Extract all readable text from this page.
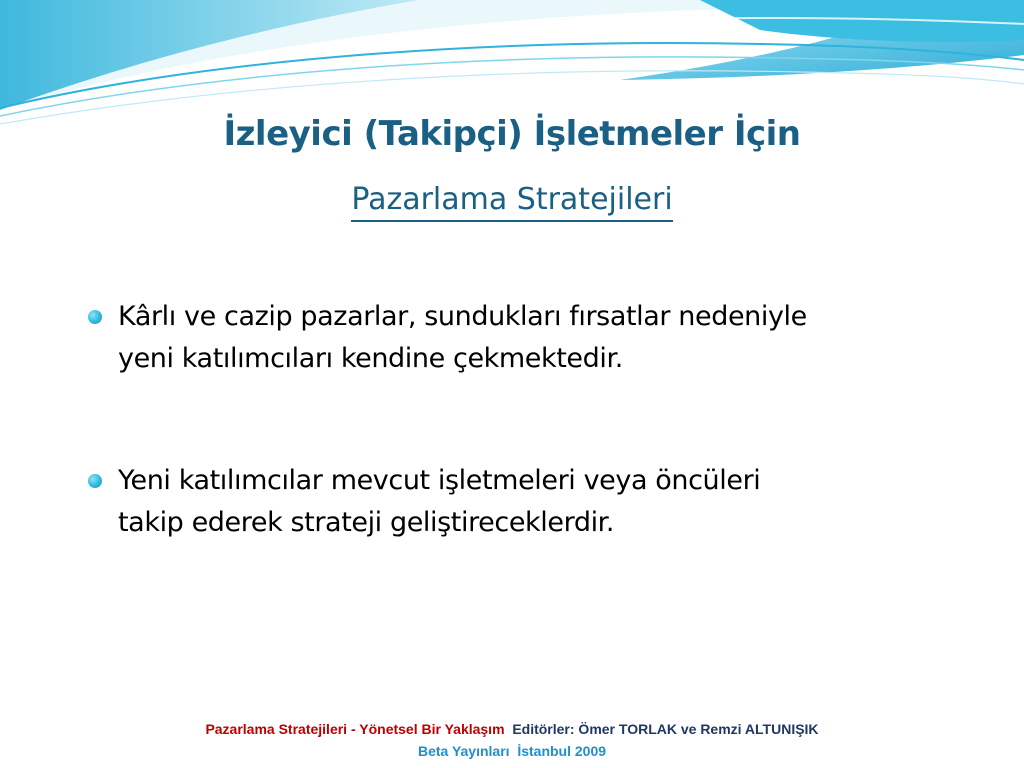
İzleyici (Takipçi) İşletmeler İçin
Pazarlama Stratejileri
Kârlı ve cazip pazarlar, sundukları fırsatlar nedeniyle
yeni katılımcıları kendine çekmektedir.
Yeni katılımcılar mevcut işletmeleri veya öncüleri
takip ederek strateji geliştireceklerdir.
Pazarlama Stratejileri - Yönetsel Bir Yaklaşım Editörler: Ömer TORLAK ve Remzi ALTUNIŞIK
Beta Yayınları  İstanbul 2009
